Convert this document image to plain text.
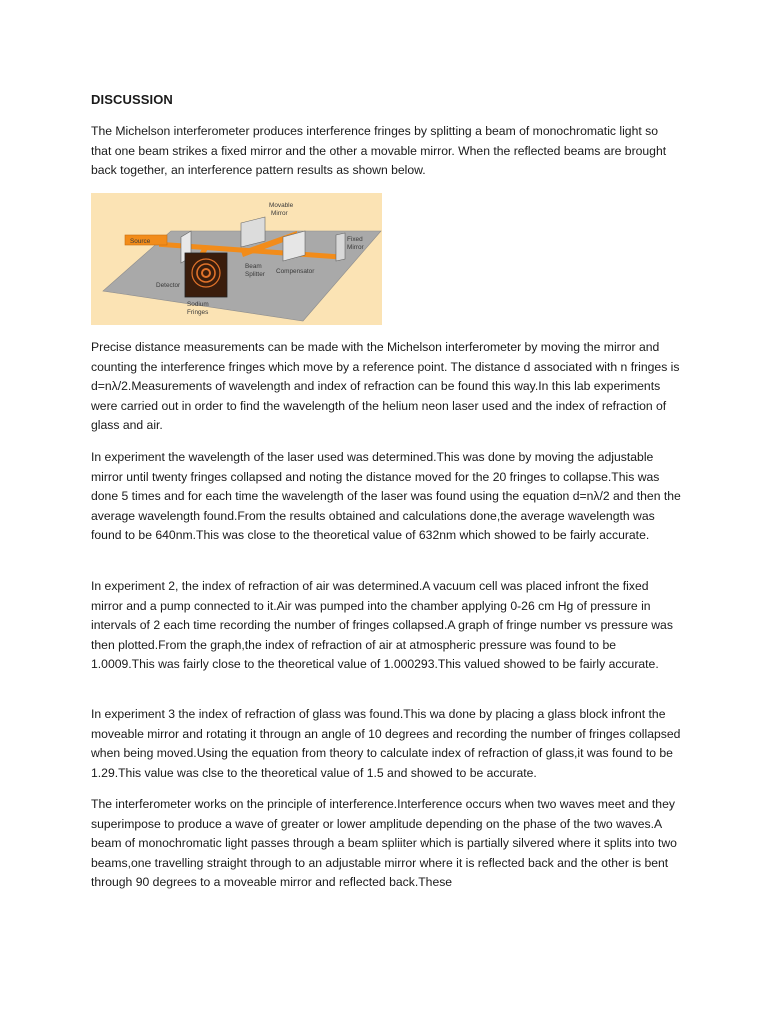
DISCUSSION

The Michelson interferometer produces interference fringes by splitting a beam of monochromatic light so that one beam strikes a fixed mirror and the other a movable mirror. When the reflected beams are brought back together, an interference pattern results as shown below.

Source
Movable
Mirror
Fixed
Mirror
Beam
Splitter Compensator
Detector
Sodium
Fringes

Precise distance measurements can be made with the Michelson interferometer by moving the mirror and counting the interference fringes which move by a reference point. The distance d associated with n fringes is d=nλ/2.Measurements of wavelength and index of refraction can be found this way.In this lab experiments were carried out in order to find the wavelength of the helium neon laser used and the index of refraction of glass and air.

In experiment the wavelength of the laser used was determined.This was done by moving the adjustable mirror until twenty fringes collapsed and noting the distance moved for the 20 fringes to collapse.This was done 5 times and for each time the wavelength of the laser was found using the equation d=nλ/2 and then the average wavelength found.From the results obtained and calculations done,the average wavelength was found to be 640nm.This was close to the theoretical value of 632nm which showed to be fairly accurate.

In experiment 2, the index of refraction of air was determined.A vacuum cell was placed infront the fixed mirror and a pump connected to it.Air was pumped into the chamber applying 0-26 cm Hg of pressure in intervals of 2 each time recording the number of fringes collapsed.A graph of fringe number vs pressure was then plotted.From the graph,the index of refraction of air at atmospheric pressure was found to be 1.0009.This was fairly close to the theoretical value of 1.000293.This valued showed to be fairly accurate.

In experiment 3 the index of refraction of glass was found.This wa done by placing a glass block infront the moveable mirror and rotating it througn an angle of 10 degrees and recording the number of fringes collapsed when being moved.Using the equation from theory to calculate index of refraction of glass,it was found to be 1.29.This value was clse to the theoretical value of 1.5 and showed to be accurate.

The interferometer works on the principle of interference.Interference occurs when two waves meet and they superimpose to produce a wave of greater or lower amplitude depending on the phase of the two waves.A beam of monochromatic light passes through a beam spliiter which is partially silvered where it splits into two beams,one travelling straight through to an adjustable mirror where it is reflected back and the other is bent through 90 degrees to a moveable mirror and reflected back.These
